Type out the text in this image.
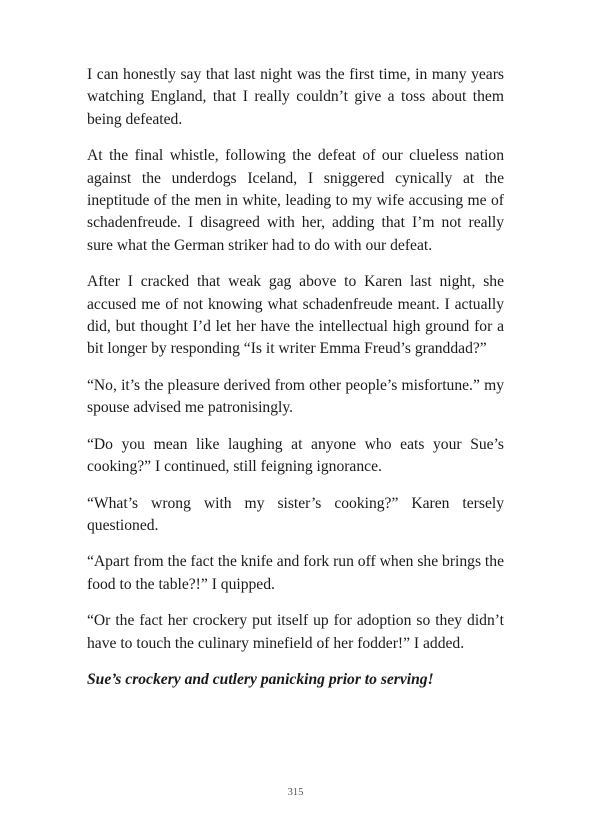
I can honestly say that last night was the first time, in many years watching England, that I really couldn’t give a toss about them being defeated.

At the final whistle, following the defeat of our clueless nation against the underdogs Iceland, I sniggered cynically at the ineptitude of the men in white, leading to my wife accusing me of schadenfreude. I disagreed with her, adding that I’m not really sure what the German striker had to do with our defeat.

After I cracked that weak gag above to Karen last night, she accused me of not knowing what schadenfreude meant. I actually did, but thought I’d let her have the intellectual high ground for a bit longer by responding “Is it writer Emma Freud’s granddad?”

“No, it’s the pleasure derived from other people’s misfortune.” my spouse advised me patronisingly.

“Do you mean like laughing at anyone who eats your Sue’s cooking?” I continued, still feigning ignorance.

“What’s wrong with my sister’s cooking?” Karen tersely questioned.

“Apart from the fact the knife and fork run off when she brings the food to the table?!” I quipped.

“Or the fact her crockery put itself up for adoption so they didn’t have to touch the culinary minefield of her fodder!” I added.

Sue’s crockery and cutlery panicking prior to serving!

315
